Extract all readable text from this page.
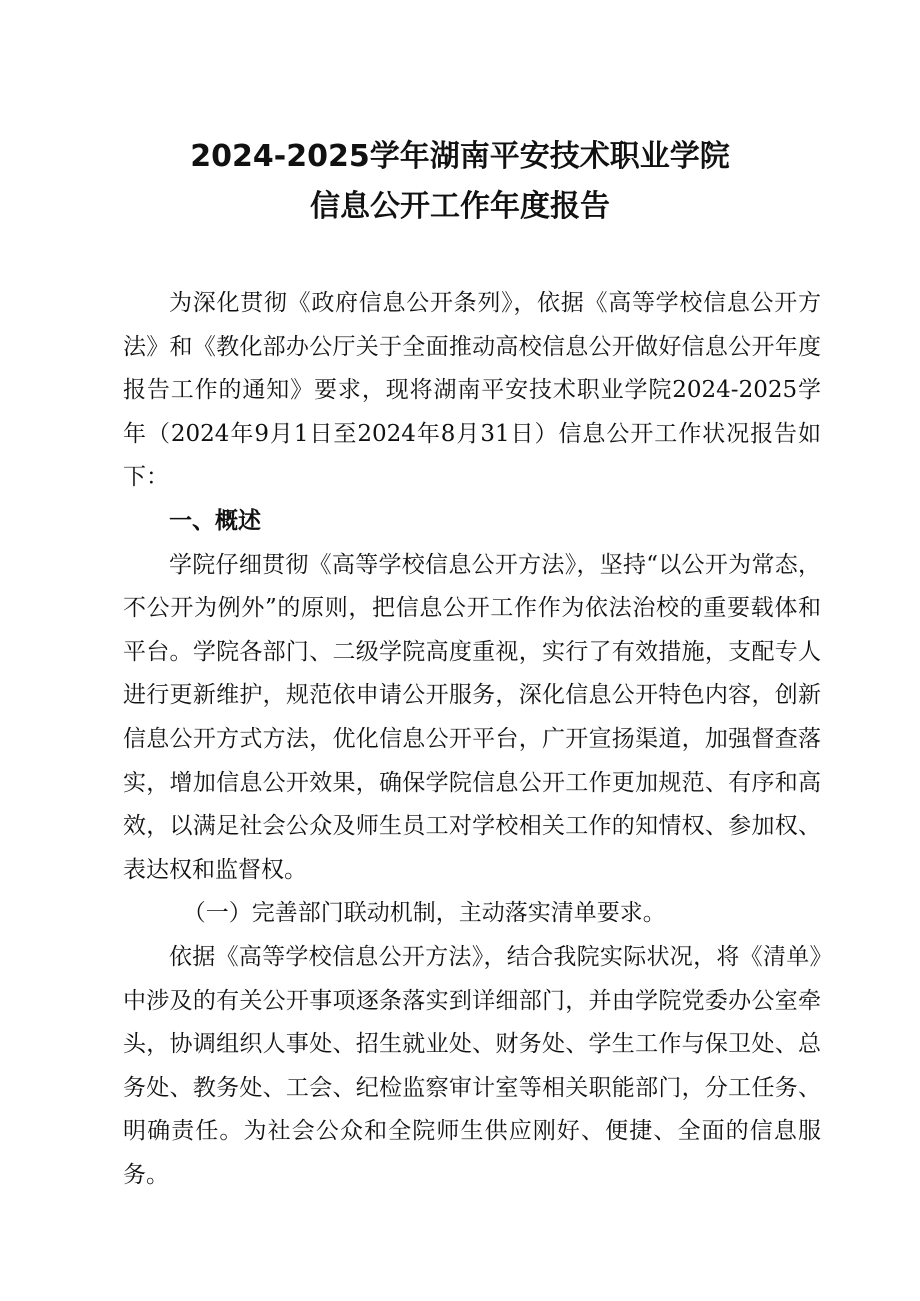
2024-2025学年湖南平安技术职业学院
信息公开工作年度报告

为深化贯彻《政府信息公开条列》，依据《高等学校信息公开方法》和《教化部办公厅关于全面推动高校信息公开做好信息公开年度报告工作的通知》要求，现将湖南平安技术职业学院2024-2025学年（2024年9月1日至2024年8月31日）信息公开工作状况报告如下：

一、概述

学院仔细贯彻《高等学校信息公开方法》，坚持“以公开为常态，不公开为例外”的原则，把信息公开工作作为依法治校的重要载体和平台。学院各部门、二级学院高度重视，实行了有效措施，支配专人进行更新维护，规范依申请公开服务，深化信息公开特色内容，创新信息公开方式方法，优化信息公开平台，广开宣扬渠道，加强督查落实，增加信息公开效果，确保学院信息公开工作更加规范、有序和高效，以满足社会公众及师生员工对学校相关工作的知情权、参加权、表达权和监督权。

（一）完善部门联动机制，主动落实清单要求。

依据《高等学校信息公开方法》，结合我院实际状况，将《清单》中涉及的有关公开事项逐条落实到详细部门，并由学院党委办公室牵头，协调组织人事处、招生就业处、财务处、学生工作与保卫处、总务处、教务处、工会、纪检监察审计室等相关职能部门，分工任务、明确责任。为社会公众和全院师生供应刚好、便捷、全面的信息服务。
